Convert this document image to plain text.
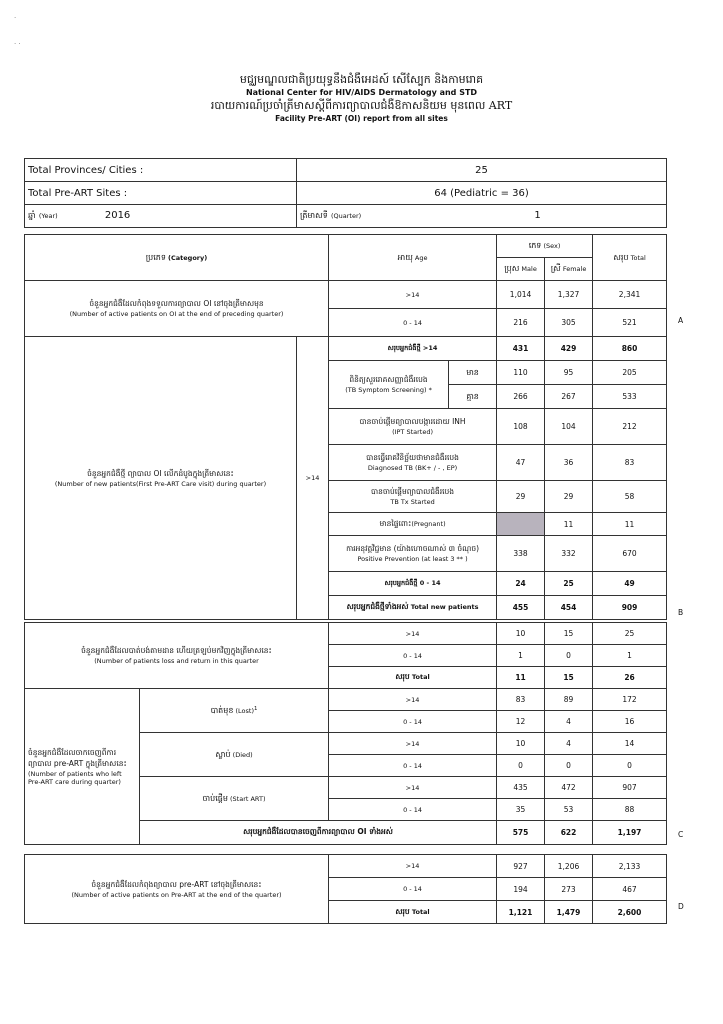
·
· ·
មជ្ឈមណ្ឌលជាតិប្រយុទ្ធនឹងជំងឺអេដស៍ សើស្បែក និងកាមរោគ
National Center for HIV/AIDS Dermatology and STD
របាយការណ៍ប្រចាំត្រីមាសស្តីពីការព្យាបាលជំងឺឱកាសនិយម មុនពេល ART
Facility Pre-ART (OI) report from all sites
Total Provinces/ Cities :	25
Total Pre-ART Sites :	64 (Pediatric = 36)
ឆ្នាំ (Year) 2016	ត្រីមាសទី (Quarter) 1
ប្រភេទ (Category)		អាយុ Age		ភេទ (Sex)		សរុប Total
				ប្រុស Male	ស្រី Female	

ចំនួនអ្នកជំងឺដែលកំពុងទទួលការព្យាបាល OI នៅចុងត្រីមាសមុន
(Number of active patients on OI at the end of preceding quarter)		>14		1,014	1,327	2,341
		0 - 14		216	305	521

ចំនួនអ្នកជំងឺថ្មី ព្យាបាល OI លើកដំបូងក្នុងត្រីមាសនេះ
(Number of new patients(First Pre-ART Care visit) during quarter)	>14	សរុបអ្នកជំងឺថ្មី >14		431	429	860

		ពិនិត្យសួររោគសញ្ញាជំងឺរបេង
(TB Symptom Screening) *	មាន	110	95	205
			គ្មាន	266	267	533

		បានចាប់ផ្តើមព្យាបាលបង្ការដោយ INH
(IPT Started)		108	104	212

		បានធ្វើរោគវិនិច្ឆ័យថាមានជំងឺរបេង
Diagnosed TB (BK+ / - , EP)		47	36	83

		បានចាប់ផ្តើមព្យាបាលជំងឺរបេង
TB Tx Started		29	29	58
		មានផ្ទៃពោះ(Pregnant)			11	11

		ការអនុវត្តវិជ្ជមាន (យ៉ាងហោចណាស់ ៣ ចំណុច)
Positive Prevention (at least 3 ** )		338	332	670
		សរុបអ្នកជំងឺថ្មី 0 - 14		24	25	49
		សរុបអ្នកជំងឺថ្មីទាំងអស់ Total new patients		455	454	909
ចំនួនអ្នកជំងឺដែលបាត់បង់តាមដាន ហើយត្រឡប់មកវិញក្នុងត្រីមាសនេះ
(Number of patients loss and return in this quarter		>14	10	15	25
		0 - 14	1	0	1
		សរុប Total	11	15	26

ចំនួនអ្នកជំងឺដែលចាកចេញពីការព្យាបាល pre-ART ក្នុងត្រីមាសនេះ
(Number of patients who left Pre-ART care during quarter)	បាត់មុខ (Lost)$^1$	>14	83	89	172
		0 - 14	12	4	16
	ស្លាប់ (Died)	>14	10	4	14
		0 - 14	0	0	0
	ចាប់ផ្តើម (Start ART)	>14	435	472	907
		0 - 14	35	53	88
	សរុបអ្នកជំងឺដែលបានចេញពីការព្យាបាល OI ទាំងអស់		575	622	1,197
ចំនួនអ្នកជំងឺដែលកំពុងព្យាបាល pre-ART នៅចុងត្រីមាសនេះ
(Number of active patients on Pre-ART at the end of the quarter)	>14	927	1,206	2,133
	0 - 14	194	273	467
	សរុប Total	1,121	1,479	2,600
A
B
C
D
